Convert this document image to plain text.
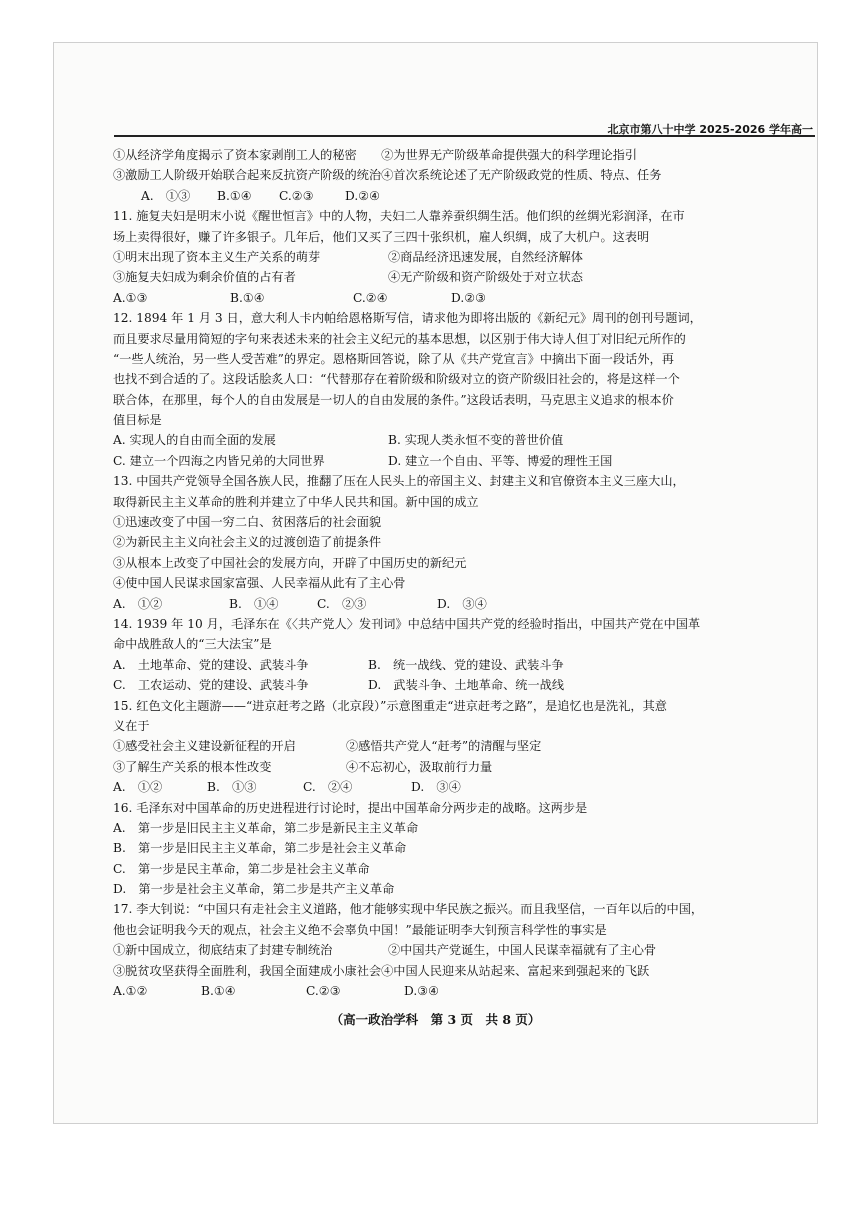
北京市第八十中学 2025-2026 学年高一
①从经济学角度揭示了资本家剥削工人的秘密　　②为世界无产阶级革命提供强大的科学理论指引
③激励工人阶级开始联合起来反抗资产阶级的统治④首次系统论述了无产阶级政党的性质、特点、任务
A.　①③	B.①④	C.②③	D.②④
11. 施复夫妇是明末小说《醒世恒言》中的人物，夫妇二人靠养蚕织绸生活。他们织的丝绸光彩润泽，在市
场上卖得很好，赚了许多银子。几年后，他们又买了三四十张织机，雇人织绸，成了大机户。这表明
①明末出现了资本主义生产关系的萌芽	②商品经济迅速发展，自然经济解体
③施复夫妇成为剩余价值的占有者	④无产阶级和资产阶级处于对立状态
A.①③	B.①④	C.②④	D.②③
12. 1894 年 1 月 3 日，意大利人卡内帕给恩格斯写信，请求他为即将出版的《新纪元》周刊的创刊号题词，
而且要求尽量用简短的字句来表述未来的社会主义纪元的基本思想，以区别于伟大诗人但丁对旧纪元所作的
“一些人统治，另一些人受苦难”的界定。恩格斯回答说，除了从《共产党宣言》中摘出下面一段话外，再
也找不到合适的了。这段话脍炙人口：“代替那存在着阶级和阶级对立的资产阶级旧社会的，将是这样一个
联合体，在那里，每个人的自由发展是一切人的自由发展的条件。”这段话表明，马克思主义追求的根本价
值目标是
A. 实现人的自由而全面的发展	B. 实现人类永恒不变的普世价值
C. 建立一个四海之内皆兄弟的大同世界	D. 建立一个自由、平等、博爱的理性王国
13. 中国共产党领导全国各族人民，推翻了压在人民头上的帝国主义、封建主义和官僚资本主义三座大山，
取得新民主主义革命的胜利并建立了中华人民共和国。新中国的成立
①迅速改变了中国一穷二白、贫困落后的社会面貌
②为新民主主义向社会主义的过渡创造了前提条件
③从根本上改变了中国社会的发展方向，开辟了中国历史的新纪元
④使中国人民谋求国家富强、人民幸福从此有了主心骨
A.　①②	B.　①④	C.　②③	D.　③④
14. 1939 年 10 月，毛泽东在《〈共产党人〉发刊词》中总结中国共产党的经验时指出，中国共产党在中国革
命中战胜敌人的“三大法宝”是
A.　土地革命、党的建设、武装斗争	B.　统一战线、党的建设、武装斗争
C.　工农运动、党的建设、武装斗争	D.　武装斗争、土地革命、统一战线
15. 红色文化主题游——“进京赶考之路（北京段）”示意图重走“进京赶考之路”，是追忆也是洗礼，其意
义在于
①感受社会主义建设新征程的开启	②感悟共产党人“赶考”的清醒与坚定
③了解生产关系的根本性改变	④不忘初心，汲取前行力量
A.　①②	B.　①③	C.　②④	D.　③④
16. 毛泽东对中国革命的历史进程进行讨论时，提出中国革命分两步走的战略。这两步是
A.　第一步是旧民主主义革命，第二步是新民主主义革命
B.　第一步是旧民主主义革命，第二步是社会主义革命
C.　第一步是民主革命，第二步是社会主义革命
D.　第一步是社会主义革命，第二步是共产主义革命
17. 李大钊说：“中国只有走社会主义道路，他才能够实现中华民族之振兴。而且我坚信，一百年以后的中国，
他也会证明我今天的观点，社会主义绝不会辜负中国！”最能证明李大钊预言科学性的事实是
①新中国成立，彻底结束了封建专制统治	②中国共产党诞生，中国人民谋幸福就有了主心骨
③脱贫攻坚获得全面胜利，我国全面建成小康社会④中国人民迎来从站起来、富起来到强起来的飞跃
A.①②	B.①④	C.②③	D.③④
（高一政治学科　第 3 页　共 8 页）
